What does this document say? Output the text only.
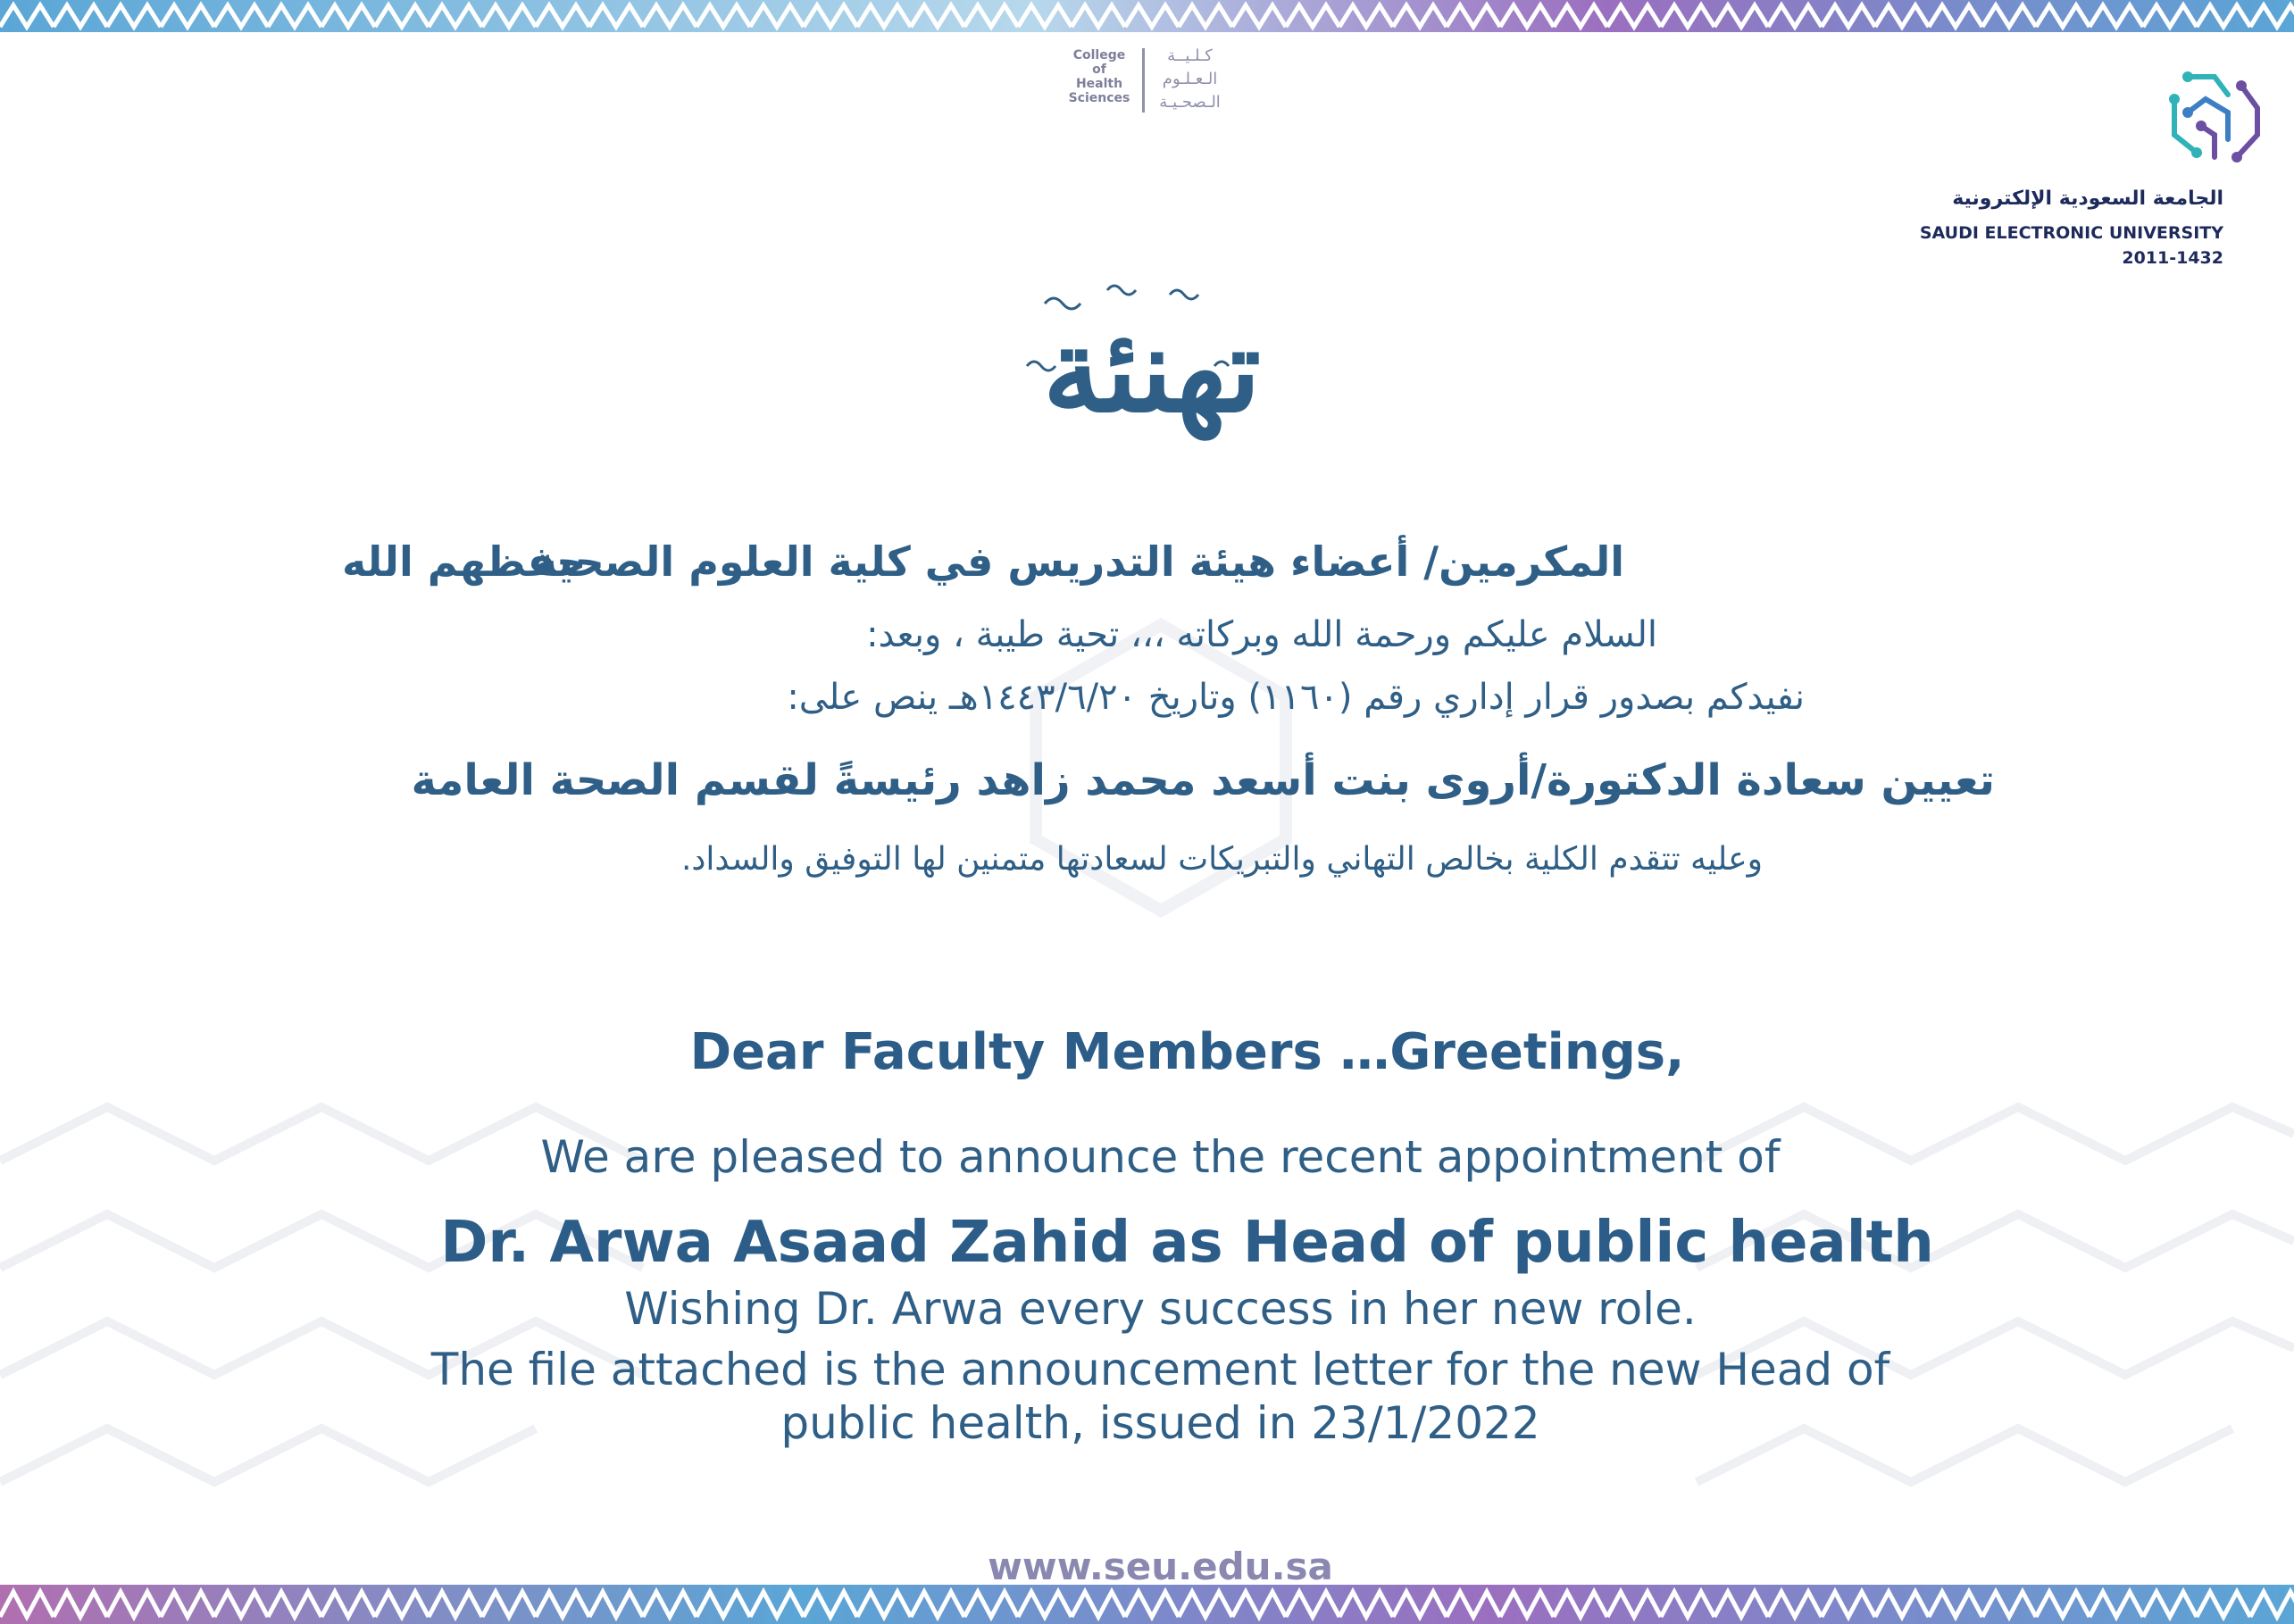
College
of
Health
Sciences
كـلـيــة
الـعـلـوم
الـصحـيـة
الجامعة السعودية الإلكترونية
SAUDI ELECTRONIC UNIVERSITY
2011-1432
تهنئة
المكرمين/ أعضاء هيئة التدريس في كلية العلوم الصحية
حفظهم الله
السلام عليكم ورحمة الله وبركاته ،،، تحية طيبة ، وبعد:
نفيدكم بصدور قرار إداري رقم (١١٦٠) وتاريخ ١٤٤٣/٦/٢٠هـ ينص على:
تعيين سعادة الدكتورة/أروى بنت أسعد محمد زاهد رئيسةً لقسم الصحة العامة
وعليه تتقدم الكلية بخالص التهاني والتبريكات لسعادتها متمنين لها التوفيق والسداد.
Dear Faculty Members …Greetings,
We are pleased to announce the recent appointment of
Dr. Arwa Asaad Zahid as Head of public health
Wishing Dr. Arwa every success in her new role.
The file attached is the announcement letter for the new Head of
public health, issued in 23/1/2022
www.seu.edu.sa
